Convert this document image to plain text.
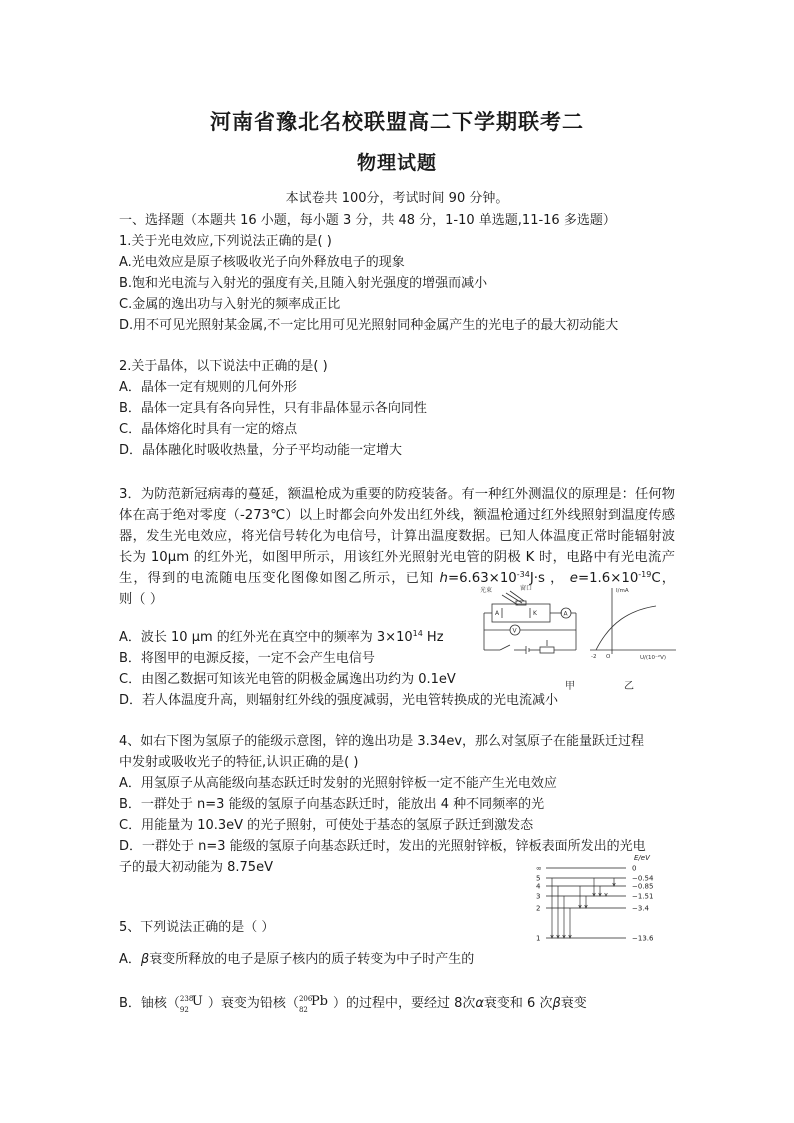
河南省豫北名校联盟高二下学期联考二
物理试题
本试卷共 100分，考试时间 90 分钟。
一、选择题（本题共 16 小题，每小题 3 分，共 48 分，1-10 单选题,11-16 多选题）
1.关于光电效应,下列说法正确的是( )
A.光电效应是原子核吸收光子向外释放电子的现象
B.饱和光电流与入射光的强度有关,且随入射光强度的增强而减小
C.金属的逸出功与入射光的频率成正比
D.用不可见光照射某金属,不一定比用可见光照射同种金属产生的光电子的最大初动能大
2.关于晶体，以下说法中正确的是( )
A．晶体一定有规则的几何外形
B．晶体一定具有各向异性，只有非晶体显示各向同性
C．晶体熔化时具有一定的熔点
D．晶体融化时吸收热量，分子平均动能一定增大
3．为防范新冠病毒的蔓延，额温枪成为重要的防疫装备。有一种红外测温仪的原理是：任何物体在高于绝对零度（-273℃）以上时都会向外发出红外线，额温枪通过红外线照射到温度传感器，发生光电效应，将光信号转化为电信号，计算出温度数据。已知人体温度正常时能辐射波长为 10μm 的红外光，如图甲所示，用该红外光照射光电管的阴极 K 时，电路中有光电流产生，得到的电流随电压变化图像如图乙所示，已知 $h=6.63\times 10^{-34}J\cdot s$ ， $e=1.6\times 10^{-19}C$，
则（ ）
光束	窗口
A	K	A
V
I/mA
U/(10⁻²V)
-2 O
甲	乙
A．波长 10 μm 的红外光在真空中的频率为 $3\times 10^{14}$ Hz
B．将图甲的电源反接，一定不会产生电信号
C．由图乙数据可知该光电管的阴极金属逸出功约为 0.1eV
D．若人体温度升高，则辐射红外线的强度减弱，光电管转换成的光电流减小
4、如右下图为氢原子的能级示意图，锌的逸出功是 3.34ev，那么对氢原子在能量跃迁过程
中发射或吸收光子的特征,认识正确的是( )
A．用氢原子从高能级向基态跃迁时发射的光照射锌板一定不能产生光电效应
B．一群处于 n=3 能级的氢原子向基态跃迁时，能放出 4 种不同频率的光
C．用能量为 10.3eV 的光子照射，可使处于基态的氢原子跃迁到激发态
D．一群处于 n=3 能级的氢原子向基态跃迁时，发出的光照射锌板，锌板表面所发出的光电
子的最大初动能为 8.75eV
E/eV
∞	0
5	−0.54
4	−0.85
3	−1.51
2	−3.4
1	−13.6
5、下列说法正确的是（ ）
A．β衰变所释放的电子是原子核内的质子转变为中子时产生的
B．铀核（ 238
92
U ）衰变为铅核（ 206
82
Pb ）的过程中，要经过 8次α衰变和 6 次β衰变
